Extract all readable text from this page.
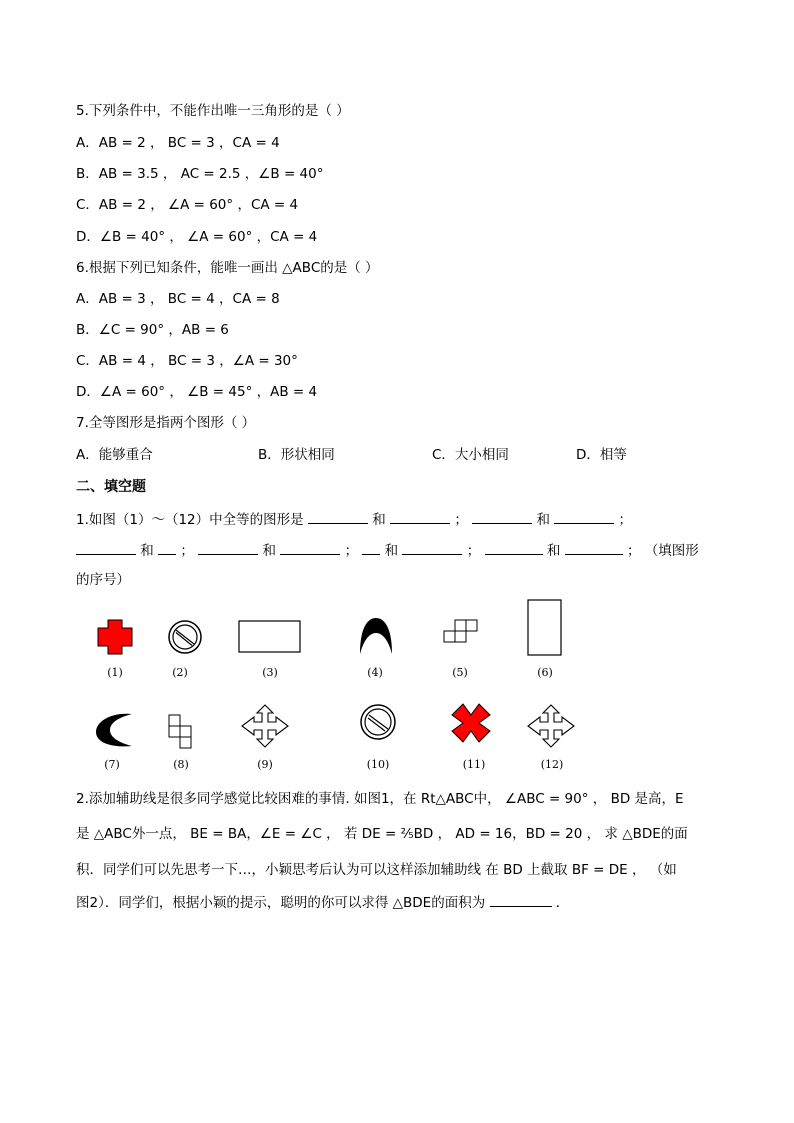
5.下列条件中，不能作出唯一三角形的是（ ）
A．AB = 2 ， BC = 3 ，CA = 4
B．AB = 3.5 ， AC = 2.5 ，∠B = 40°
C．AB = 2 ， ∠A = 60° ，CA = 4
D．∠B = 40° ， ∠A = 60° ，CA = 4
6.根据下列已知条件，能唯一画出 △ABC的是（ ）
A．AB = 3 ， BC = 4 ，CA = 8
B．∠C = 90° ，AB = 6
C．AB = 4 ， BC = 3 ，∠A = 30°
D．∠A = 60° ， ∠B = 45° ，AB = 4
7.全等图形是指两个图形（ ）
A．能够重合	B．形状相同	C．大小相同	D．相等
二、填空题
1.如图（1）～（12）中全等的图形是	和	；	和	；
和 ；	和	； 和	；	和	； （填图形
的序号）
(1)	(2)	(3)	(4)	(5)	(6)
(7)	(8)	(9)	(10)	(11)	(12)
2.添加辅助线是很多同学感觉比较困难的事情. 如图1，在 Rt△ABC中， ∠ABC = 90° ， BD 是高，E
是 △ABC外一点， BE = BA，∠E = ∠C ， 若 DE = ²⁄₅BD ， AD = 16，BD = 20 ， 求 △BDE的面
积．同学们可以先思考一下…，小颖思考后认为可以这样添加辅助线 在 BD 上截取 BF = DE ， （如
图2）．同学们，根据小颖的提示，聪明的你可以求得 △BDE的面积为	．
